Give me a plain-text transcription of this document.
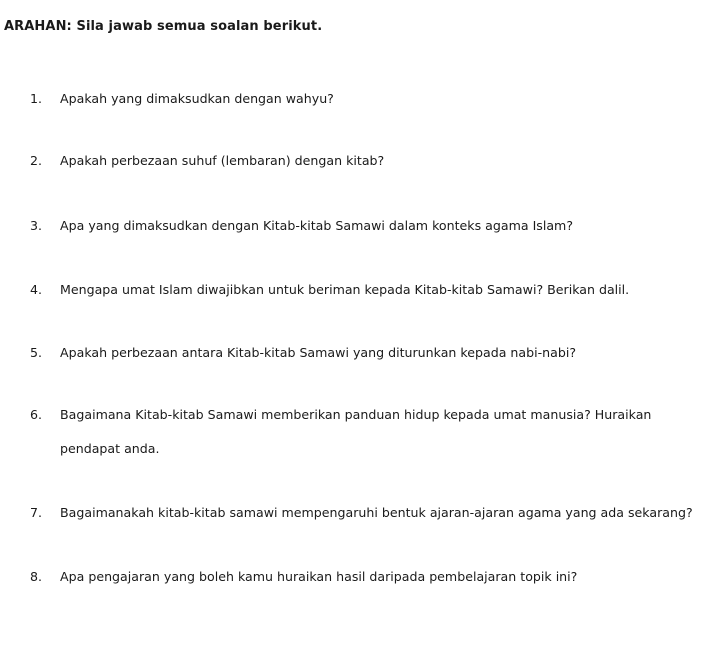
ARAHAN: Sila jawab semua soalan berikut.
1.	Apakah yang dimaksudkan dengan wahyu?
2.	Apakah perbezaan suhuf (lembaran) dengan kitab?
3.	Apa yang dimaksudkan dengan Kitab-kitab Samawi dalam konteks agama Islam?
4.	Mengapa umat Islam diwajibkan untuk beriman kepada Kitab-kitab Samawi? Berikan dalil.
5.	Apakah perbezaan antara Kitab-kitab Samawi yang diturunkan kepada nabi-nabi?
6.	Bagaimana Kitab-kitab Samawi memberikan panduan hidup kepada umat manusia? Huraikan pendapat anda.
7.	Bagaimanakah kitab-kitab samawi mempengaruhi bentuk ajaran-ajaran agama yang ada sekarang?
8.	Apa pengajaran yang boleh kamu huraikan hasil daripada pembelajaran topik ini?
